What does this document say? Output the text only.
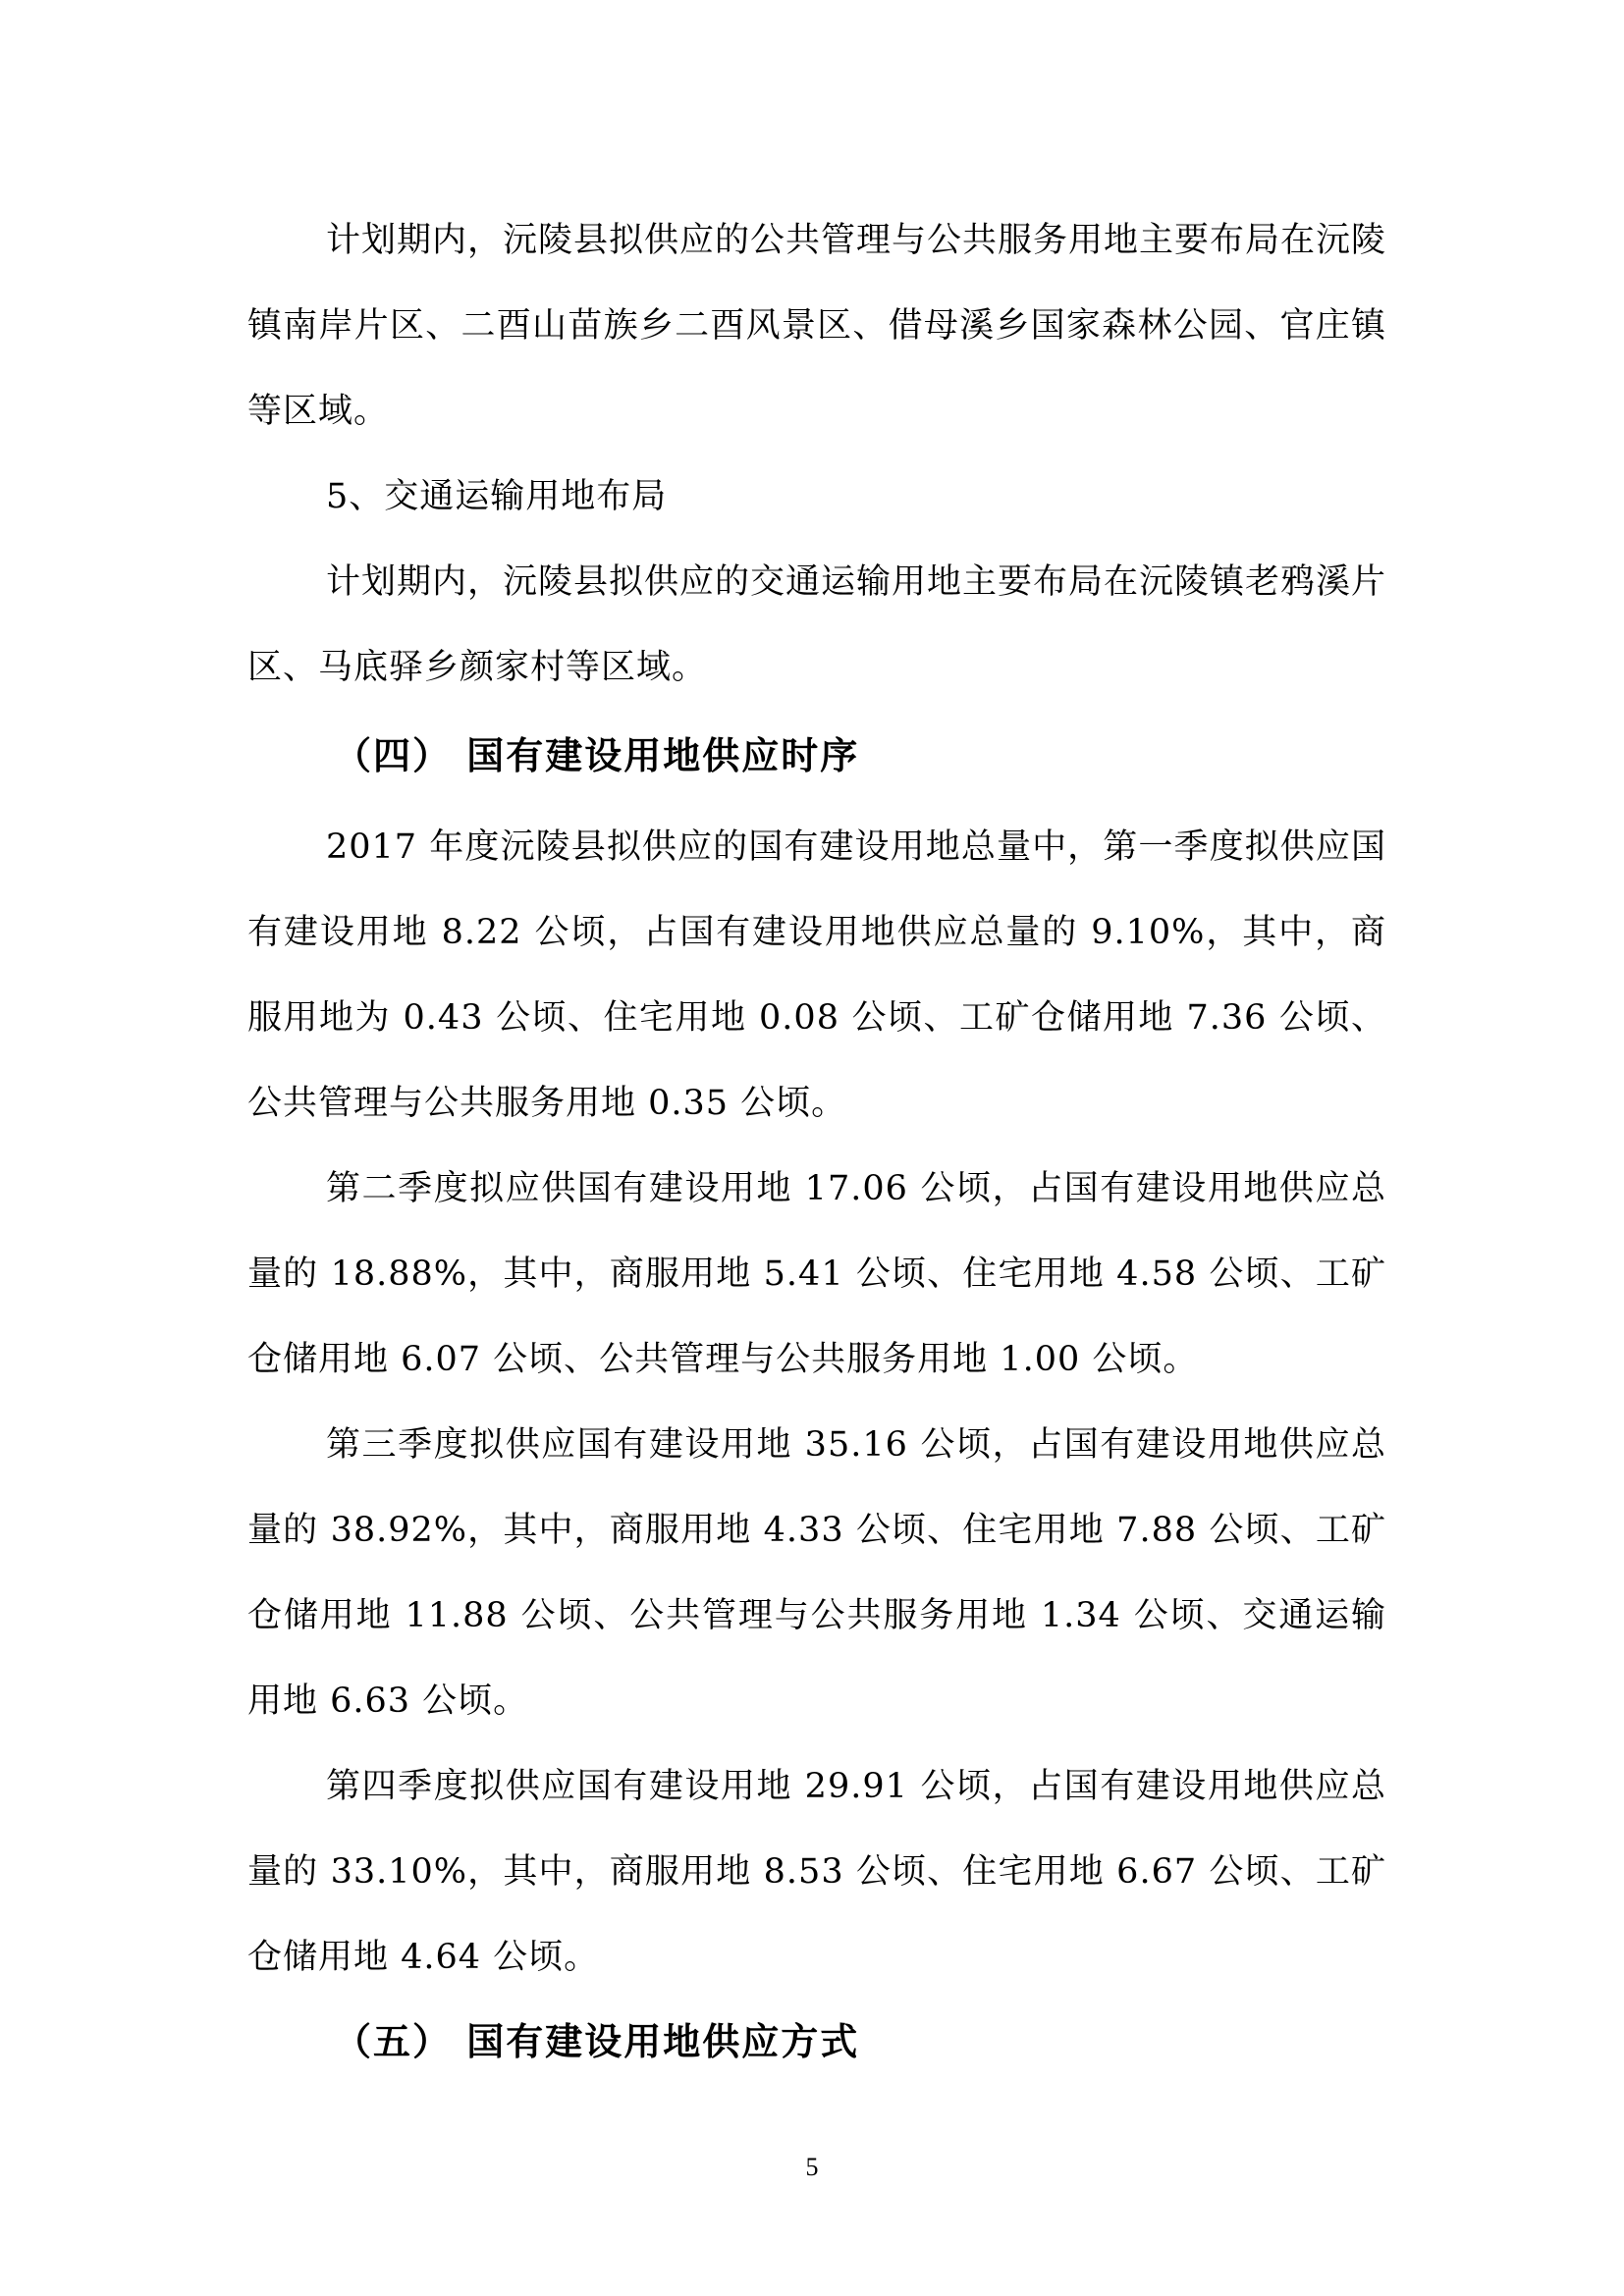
计划期内，沅陵县拟供应的公共管理与公共服务用地主要布局在沅陵镇南岸片区、二酉山苗族乡二酉风景区、借母溪乡国家森林公园、官庄镇等区域。

5、交通运输用地布局

计划期内，沅陵县拟供应的交通运输用地主要布局在沅陵镇老鸦溪片区、马底驿乡颜家村等区域。

（四） 国有建设用地供应时序

2017 年度沅陵县拟供应的国有建设用地总量中，第一季度拟供应国有建设用地 8.22 公顷，占国有建设用地供应总量的 9.10%，其中，商服用地为 0.43 公顷、住宅用地 0.08 公顷、工矿仓储用地 7.36 公顷、公共管理与公共服务用地 0.35 公顷。

第二季度拟应供国有建设用地 17.06 公顷，占国有建设用地供应总量的 18.88%，其中，商服用地 5.41 公顷、住宅用地 4.58 公顷、工矿仓储用地 6.07 公顷、公共管理与公共服务用地 1.00 公顷。

第三季度拟供应国有建设用地 35.16 公顷，占国有建设用地供应总量的 38.92%，其中，商服用地 4.33 公顷、住宅用地 7.88 公顷、工矿仓储用地 11.88 公顷、公共管理与公共服务用地 1.34 公顷、交通运输用地 6.63 公顷。

第四季度拟供应国有建设用地 29.91 公顷，占国有建设用地供应总量的 33.10%，其中，商服用地 8.53 公顷、住宅用地 6.67 公顷、工矿仓储用地 4.64 公顷。

（五） 国有建设用地供应方式
5
